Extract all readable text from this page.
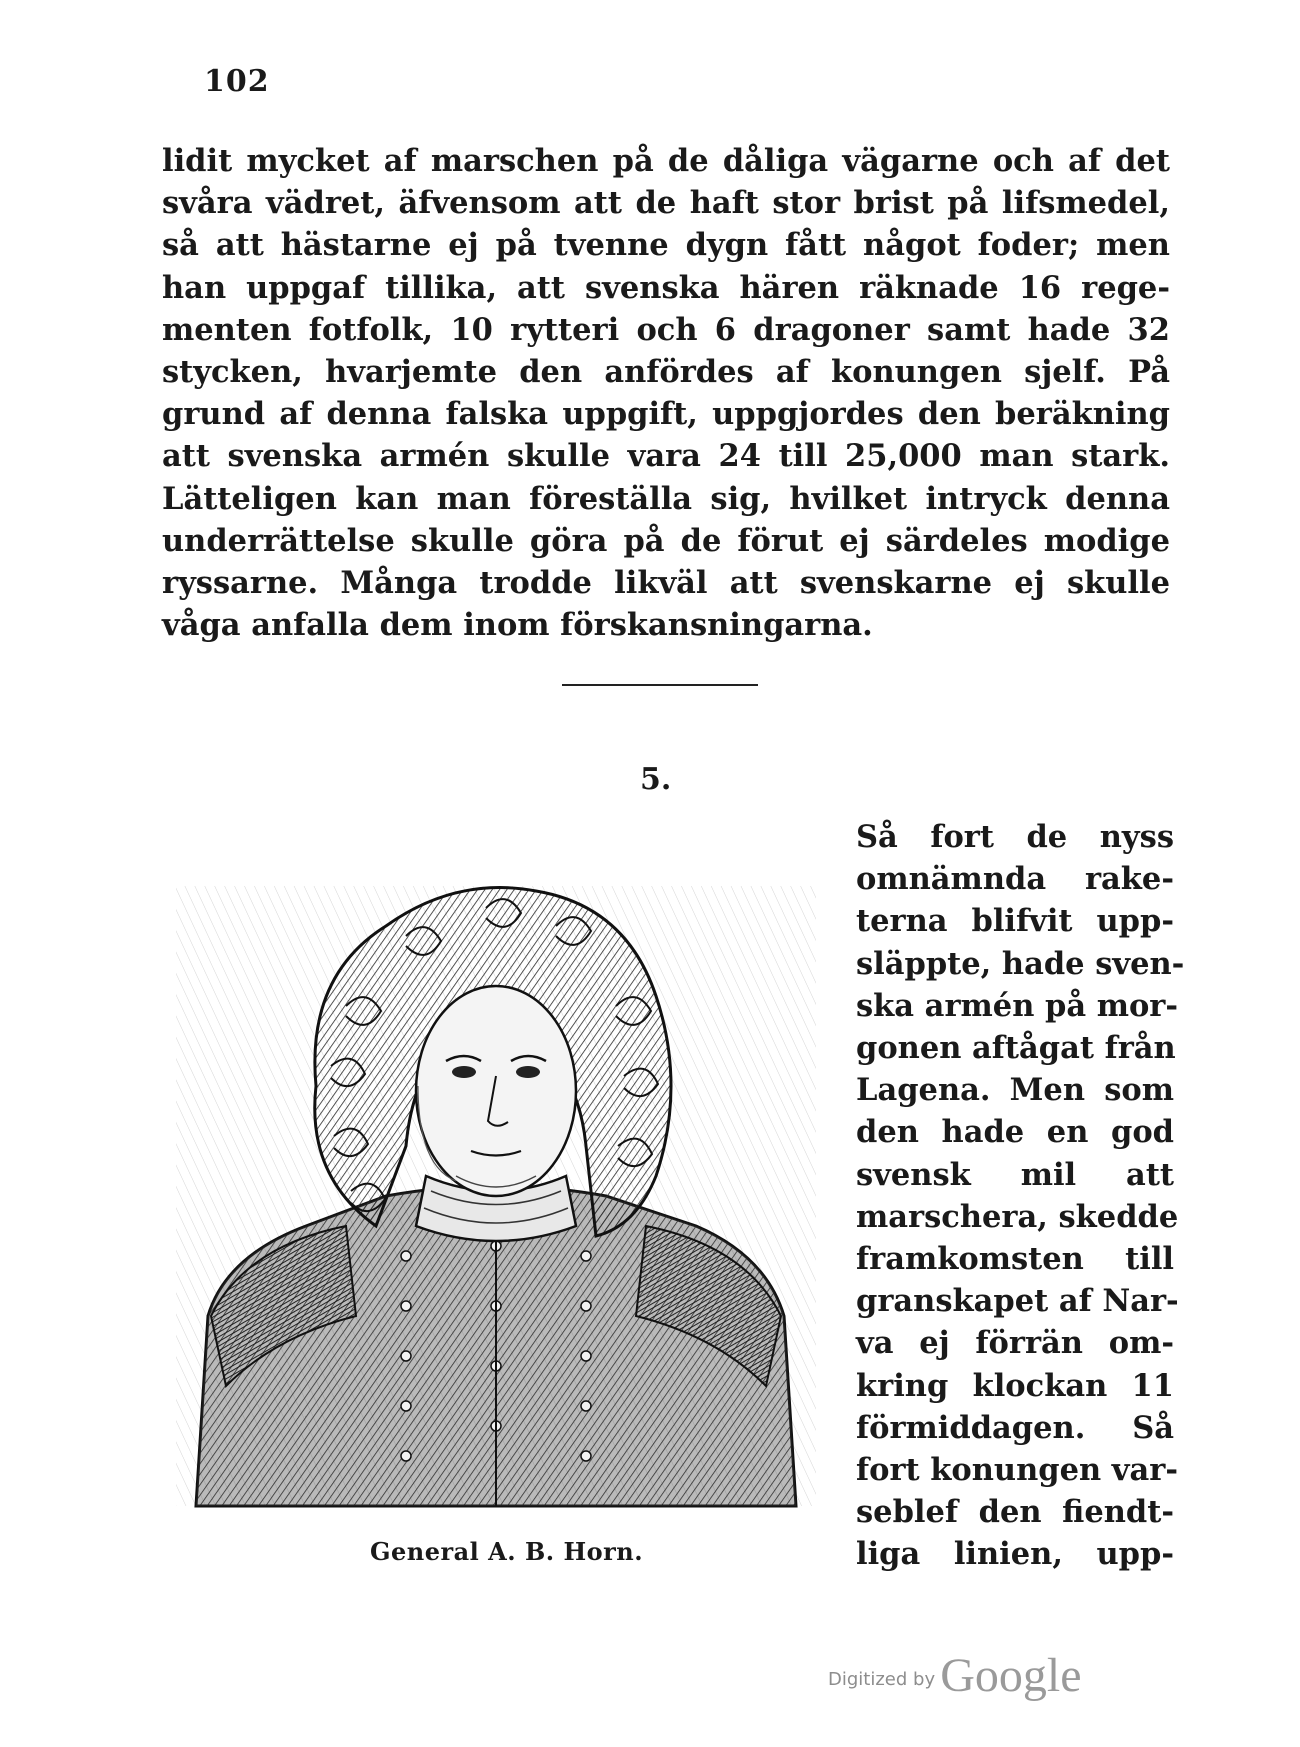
102
lidit mycket af marschen på de dåliga vägarne och af det
svåra vädret, äfvensom att de haft stor brist på lifsmedel,
så att hästarne ej på tvenne dygn fått något foder; men
han uppgaf tillika, att svenska hären räknade 16 rege-
menten fotfolk, 10 rytteri och 6 dragoner samt hade 32
stycken, hvarjemte den anfördes af konungen sjelf. På
grund af denna falska uppgift, uppgjordes den beräkning
att svenska armén skulle vara 24 till 25,000 man stark.
Lätteligen kan man föreställa sig, hvilket intryck denna
underrättelse skulle göra på de förut ej särdeles modige
ryssarne. Många trodde likväl att svenskarne ej skulle
våga anfalla dem inom förskansningarna.
5.
General A. B. Horn.
Så fort de nyss
omnämnda rake-
terna blifvit upp-
släppte, hade sven-
ska armén på mor-
gonen aftågat från
Lagena. Men som
den hade en god
svensk mil att
marschera, skedde
framkomsten till
granskapet af Nar-
va ej förrän om-
kring klockan 11
förmiddagen. Så
fort konungen var-
seblef den fiendt-
liga linien, upp-
Digitized by Google
